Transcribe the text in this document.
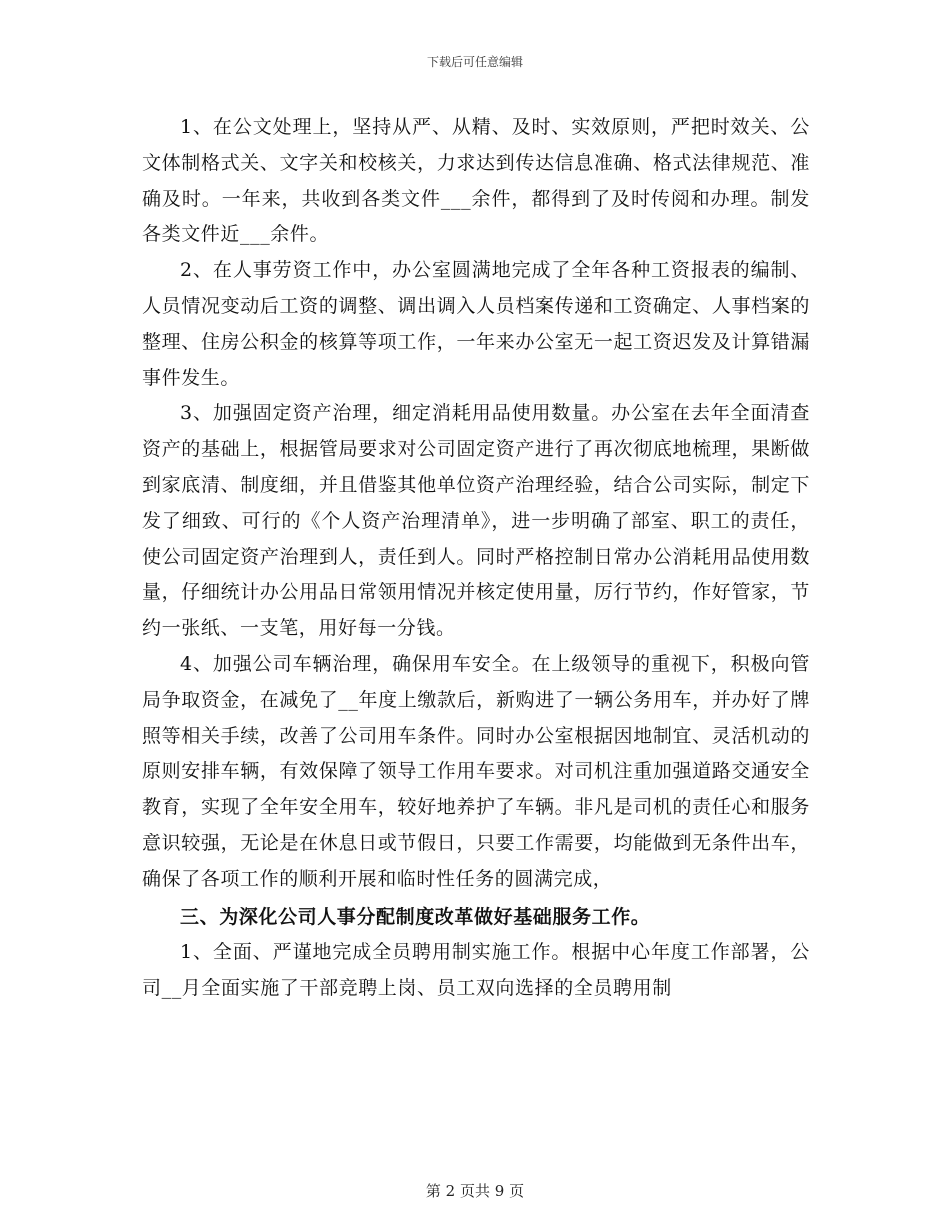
下载后可任意编辑

1、在公文处理上，坚持从严、从精、及时、实效原则，严把时效关、公文体制格式关、文字关和校核关，力求达到传达信息准确、格式法律规范、准确及时。一年来，共收到各类文件___余件，都得到了及时传阅和办理。制发各类文件近___余件。

2、在人事劳资工作中，办公室圆满地完成了全年各种工资报表的编制、人员情况变动后工资的调整、调出调入人员档案传递和工资确定、人事档案的整理、住房公积金的核算等项工作，一年来办公室无一起工资迟发及计算错漏事件发生。

3、加强固定资产治理，细定消耗用品使用数量。办公室在去年全面清查资产的基础上，根据管局要求对公司固定资产进行了再次彻底地梳理，果断做到家底清、制度细，并且借鉴其他单位资产治理经验，结合公司实际，制定下发了细致、可行的《个人资产治理清单》，进一步明确了部室、职工的责任，使公司固定资产治理到人，责任到人。同时严格控制日常办公消耗用品使用数量，仔细统计办公用品日常领用情况并核定使用量，厉行节约，作好管家，节约一张纸、一支笔，用好每一分钱。

4、加强公司车辆治理，确保用车安全。在上级领导的重视下，积极向管局争取资金，在减免了__年度上缴款后，新购进了一辆公务用车，并办好了牌照等相关手续，改善了公司用车条件。同时办公室根据因地制宜、灵活机动的原则安排车辆，有效保障了领导工作用车要求。对司机注重加强道路交通安全教育，实现了全年安全用车，较好地养护了车辆。非凡是司机的责任心和服务意识较强，无论是在休息日或节假日，只要工作需要，均能做到无条件出车，确保了各项工作的顺利开展和临时性任务的圆满完成，

三、为深化公司人事分配制度改革做好基础服务工作。

1、全面、严谨地完成全员聘用制实施工作。根据中心年度工作部署，公司__月全面实施了干部竞聘上岗、员工双向选择的全员聘用制

第 2 页共 9 页
